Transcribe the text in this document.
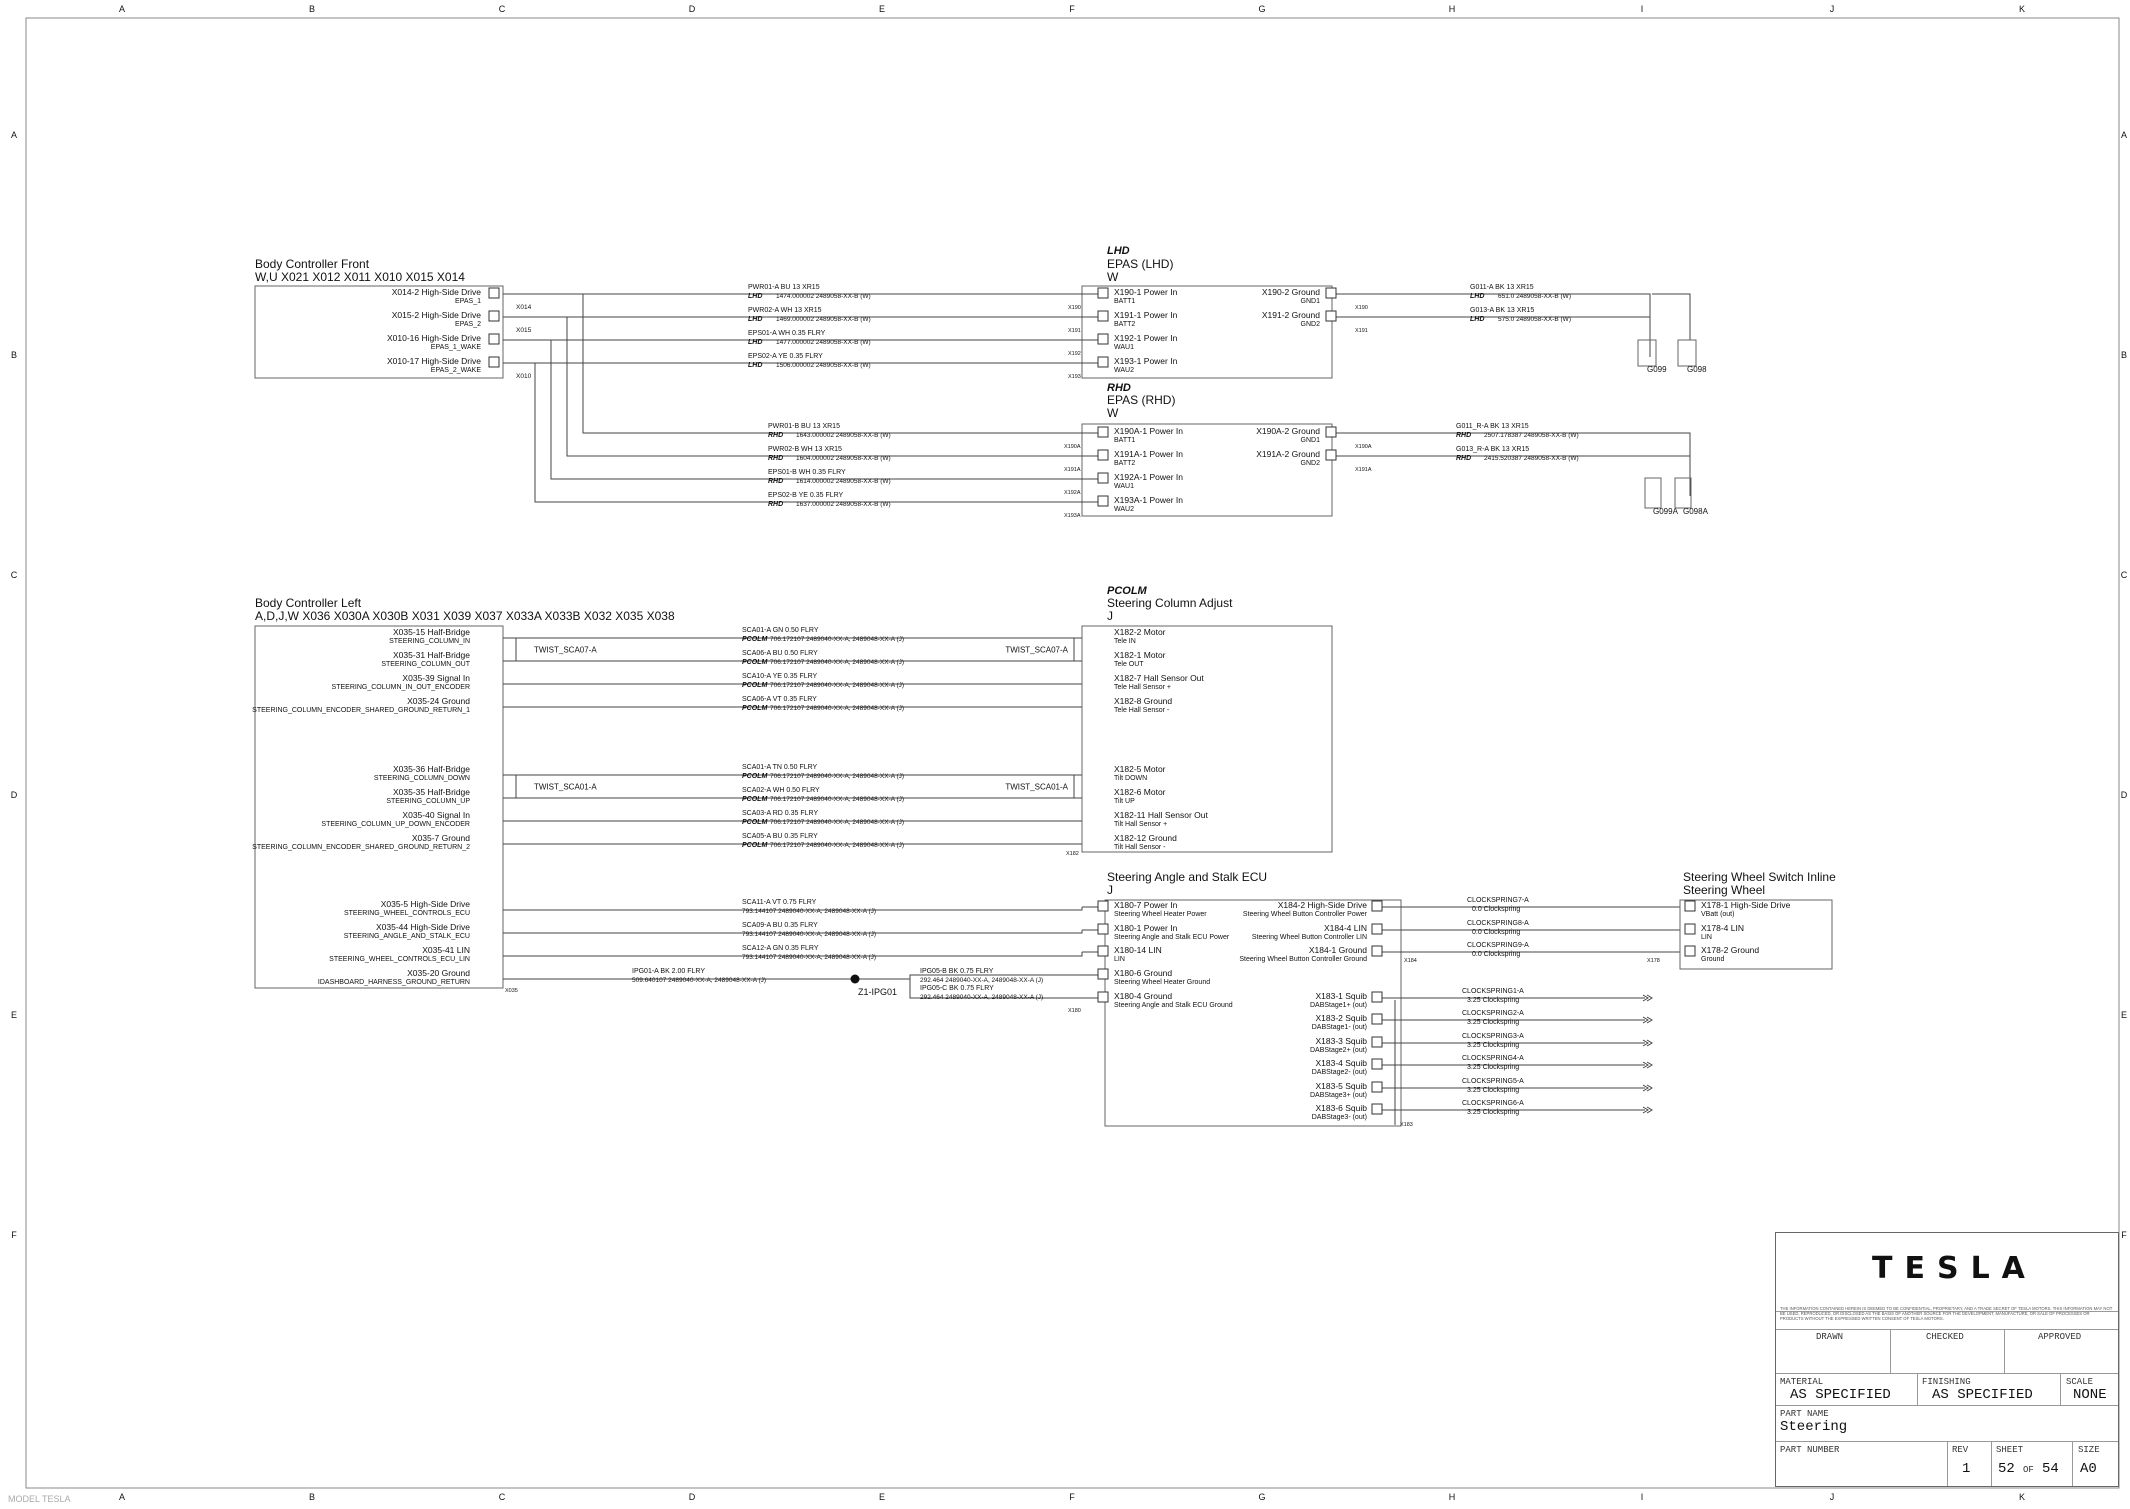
A
A
B
B
C
C
D
D
E
E
F
F
G
G
H
H
I
I
J
J
K
K
A	A
B	B
C	C
D	D
E	E
F	F
Body Controller Front
W,U X021 X012 X011 X010 X015 X014
X014-2 High-Side Drive
EPAS_1
X014
X015-2 High-Side Drive
EPAS_2
X015
X010-16 High-Side Drive
EPAS_1_WAKE
X010-17 High-Side Drive
EPAS_2_WAKE
X010
LHD
EPAS (LHD)
W
X190-1 Power In
BATT1
X190
X191-1 Power In
BATT2
X191
X192-1 Power In
WAU1
X192
X193-1 Power In
WAU2
X193
X190-2 Ground
GND1
X190
X191-2 Ground
GND2
X191
PWR01-A BU 13 XR15
LHD 1474.000002 2489058-XX-B (W)
PWR02-A WH 13 XR15
LHD 1469.000002 2489058-XX-B (W)
EPS01-A WH 0.35 FLRY
LHD 1477.000002 2489058-XX-B (W)
EPS02-A YE 0.35 FLRY
LHD 1506.000002 2489058-XX-B (W)
G011-A BK 13 XR15
LHD 651.0 2489058-XX-B (W)
G013-A BK 13 XR15
LHD 575.0 2489058-XX-B (W)
G099	G098
RHD
EPAS (RHD)
W
X190A-1 Power In
BATT1
X190A
X191A-1 Power In
BATT2
X191A
X192A-1 Power In
WAU1
X192A
X193A-1 Power In
WAU2
X193A
X190A-2 Ground
GND1
X190A
X191A-2 Ground
GND2
X191A
PWR01-B BU 13 XR15
RHD 1643.000002 2489058-XX-B (W)
PWR02-B WH 13 XR15
RHD 1604.000002 2489058-XX-B (W)
EPS01-B WH 0.35 FLRY
RHD 1614.000002 2489058-XX-B (W)
EPS02-B YE 0.35 FLRY
RHD 1637.000002 2489058-XX-B (W)
G011_R-A BK 13 XR15
RHD 2507.178387 2489058-XX-B (W)
G013_R-A BK 13 XR15
RHD 2415.520387 2489058-XX-B (W)
G099A G098A
Body Controller Left
A,D,J,W X036 X030A X030B X031 X039 X037 X033A X033B X032 X035 X038
X035-15 Half-Bridge
STEERING_COLUMN_IN
X035-31 Half-Bridge
STEERING_COLUMN_OUT
X035-39 Signal In
STEERING_COLUMN_IN_OUT_ENCODER
X035-24 Ground
STEERING_COLUMN_ENCODER_SHARED_GROUND_RETURN_1
X035-36 Half-Bridge
STEERING_COLUMN_DOWN
X035-35 Half-Bridge
STEERING_COLUMN_UP
X035-40 Signal In
STEERING_COLUMN_UP_DOWN_ENCODER
X035-7 Ground
STEERING_COLUMN_ENCODER_SHARED_GROUND_RETURN_2
X035-5 High-Side Drive
STEERING_WHEEL_CONTROLS_ECU
X035-44 High-Side Drive
STEERING_ANGLE_AND_STALK_ECU
X035-41 LIN
STEERING_WHEEL_CONTROLS_ECU_LIN
X035-20 Ground
IDASHBOARD_HARNESS_GROUND_RETURN
X035
PCOLM
Steering Column Adjust
J
X182-2 Motor
Tele IN
SCA01-A GN 0.50 FLRY
PCOLM 706.172107 2489040-XX-A, 2489048-XX-A (J)
X182-1 Motor
Tele OUT
SCA06-A BU 0.50 FLRY
PCOLM 706.172107 2489040-XX-A, 2489048-XX-A (J)
X182-7 Hall Sensor Out
Tele Hall Sensor +
SCA10-A YE 0.35 FLRY
PCOLM 706.172107 2489040-XX-A, 2489048-XX-A (J)
X182-8 Ground
Tele Hall Sensor -
SCA06-A VT 0.35 FLRY
PCOLM 706.172107 2489040-XX-A, 2489048-XX-A (J)
X182-5 Motor
Tilt DOWN
SCA01-A TN 0.50 FLRY
PCOLM 706.172107 2489040-XX-A, 2489048-XX-A (J)
X182-6 Motor
Tilt UP
SCA02-A WH 0.50 FLRY
PCOLM 706.172107 2489040-XX-A, 2489048-XX-A (J)
X182-11 Hall Sensor Out
Tilt Hall Sensor +
SCA03-A RD 0.35 FLRY
PCOLM 706.172107 2489040-XX-A, 2489048-XX-A (J)
X182-12 Ground
Tilt Hall Sensor -
SCA05-A BU 0.35 FLRY
PCOLM 706.172107 2489040-XX-A, 2489048-XX-A (J)
X182
TWIST_SCA07-A	TWIST_SCA07-A
TWIST_SCA01-A	TWIST_SCA01-A
Steering Angle and Stalk ECU
J
X180-7 Power In
Steering Wheel Heater Power
X180-1 Power In
Steering Angle and Stalk ECU Power
X180-14 LIN
LIN
X180-6 Ground
Steering Wheel Heater Ground
X180-4 Ground
Steering Angle and Stalk ECU Ground
SCA11-A VT 0.75 FLRY
793.144107 2489040-XX-A, 2489048-XX-A (J)
SCA09-A BU 0.35 FLRY
793.144107 2489040-XX-A, 2489048-XX-A (J)
SCA12-A GN 0.35 FLRY
793.144107 2489040-XX-A, 2489048-XX-A (J)
IPG01-A BK 2.00 FLRY
509.640107 2489040-XX-A, 2489048-XX-A (J)
Z1-IPG01
IPG05-B BK 0.75 FLRY
292.464 2489040-XX-A, 2489048-XX-A (J)
IPG05-C BK 0.75 FLRY
292.464 2489040-XX-A, 2489048-XX-A (J)
X180
X184-2 High-Side Drive
Steering Wheel Button Controller Power
CLOCKSPRING7-A
0.0 Clockspring
X184-4 LIN
Steering Wheel Button Controller LIN
CLOCKSPRING8-A
0.0 Clockspring
X184-1 Ground
Steering Wheel Button Controller Ground
CLOCKSPRING9-A
0.0 Clockspring
X184
X183-1 Squib
DABStage1+ (out)
CLOCKSPRING1-A
3.25 Clockspring
X183-2 Squib
DABStage1- (out)
CLOCKSPRING2-A
3.25 Clockspring
X183-3 Squib
DABStage2+ (out)
CLOCKSPRING3-A
3.25 Clockspring
X183-4 Squib
DABStage2- (out)
CLOCKSPRING4-A
3.25 Clockspring
X183-5 Squib
DABStage3+ (out)
CLOCKSPRING5-A
3.25 Clockspring
X183-6 Squib
DABStage3- (out)
CLOCKSPRING6-A
3.25 Clockspring
X183
Steering Wheel Switch Inline
Steering Wheel
X178-1 High-Side Drive
VBatt (out)
X178-4 LIN
LIN
X178-2 Ground
Ground
X178
TESLA
THE INFORMATION CONTAINED HEREIN IS DEEMED TO BE CONFIDENTIAL, PROPRIETARY, AND A TRADE SECRET OF TESLA MOTORS. THIS INFORMATION MAY NOT BE USED, REPRODUCED, OR DISCLOSED AS THE BASIS OF ANOTHER SOURCE FOR THE DEVELOPMENT, MANUFACTURE, OR SALE OF PROCESSES OR PRODUCTS WITHOUT THE EXPRESSED WRITTEN CONSENT OF TESLA MOTORS.
DRAWN	CHECKED	APPROVED
MATERIAL
AS SPECIFIED
FINISHING
AS SPECIFIED
SCALE
NONE
PART NAME
Steering
PART NUMBER	REV
1
SHEET
52 OF 54
SIZE
A0
MODEL TESLA
